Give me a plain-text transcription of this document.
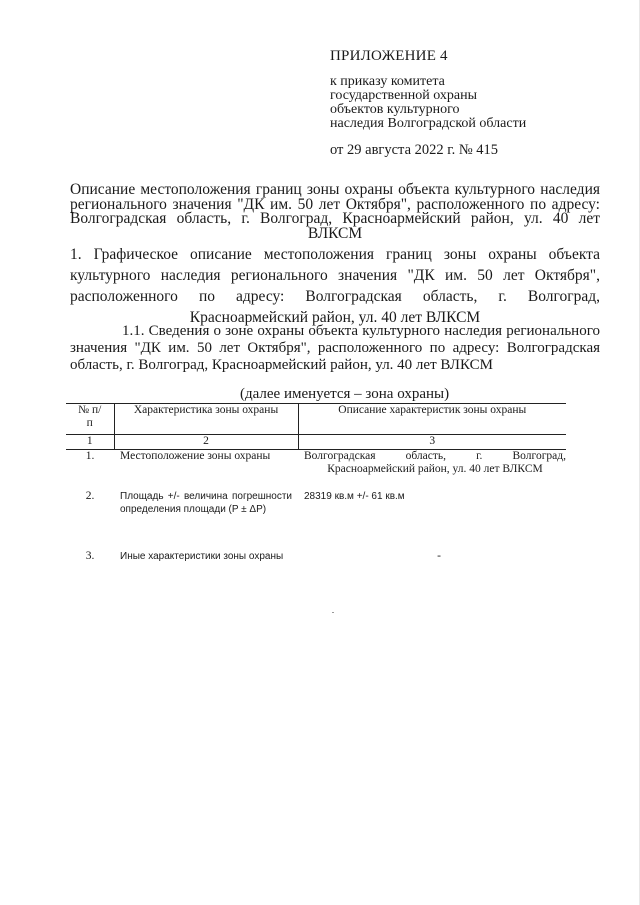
ПРИЛОЖЕНИЕ 4

к приказу комитета
государственной охраны
объектов культурного
наследия Волгоградской области

от 29 августа 2022 г. № 415

Описание местоположения границ зоны охраны объекта культурного наследия регионального значения "ДК им. 50 лет Октября", расположенного по адресу: Волгоградская область, г. Волгоград, Красноармейский район, ул. 40 лет ВЛКСМ

1. Графическое описание местоположения границ зоны охраны объекта культурного наследия регионального значения "ДК им. 50 лет Октября", расположенного по адресу: Волгоградская область, г. Волгоград, Красноармейский район, ул. 40 лет ВЛКСМ

1.1. Сведения о зоне охраны объекта культурного наследия регионального значения "ДК им. 50 лет Октября", расположенного по адресу: Волгоградская область, г. Волгоград, Красноармейский район, ул. 40 лет ВЛКСМ

(далее именуется – зона охраны)

№ п/п	Характеристика зоны охраны	Описание характеристик зоны охраны
1	2	3
1.	Местоположение зоны охраны	Волгоградская область, г. Волгоград, Красноармейский район, ул. 40 лет ВЛКСМ
2.	Площадь +/- величина погрешности определения площади (P ± ΔP)	28319 кв.м +/- 61 кв.м
3.	Иные характеристики зоны охраны	-
